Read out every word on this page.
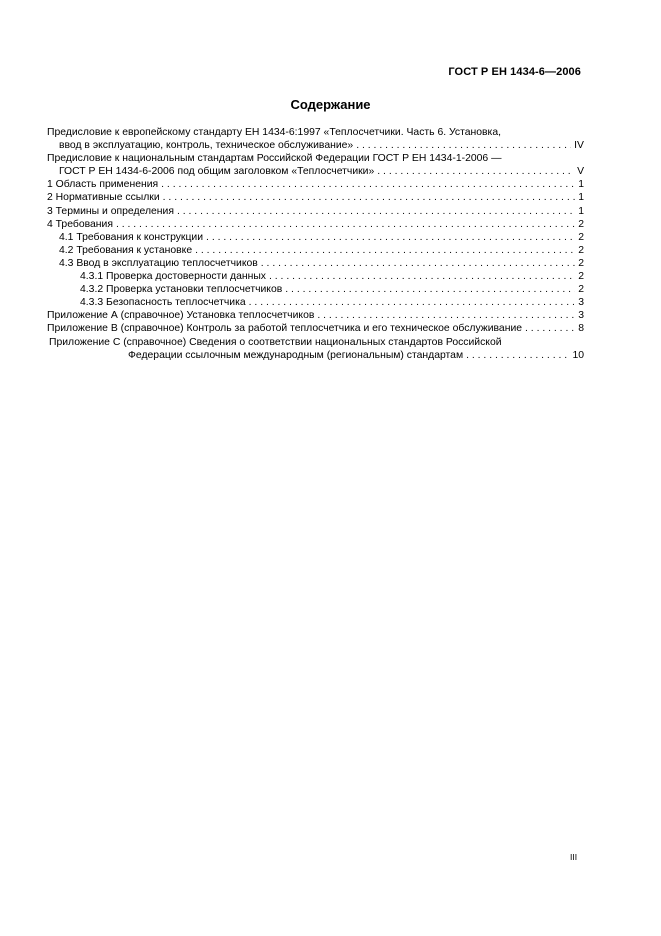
ГОСТ Р ЕН 1434-6—2006
Содержание
Предисловие к европейскому стандарту ЕН 1434-6:1997 «Теплосчетчики. Часть 6. Установка,
ввод в эксплуатацию, контроль, техническое обслуживание» . . .	IV
Предисловие к национальным стандартам Российской Федерации ГОСТ Р ЕН 1434-1-2006 —
ГОСТ Р ЕН 1434-6-2006 под общим заголовком «Теплосчетчики» . . .	V
1 Область применения . . .	1
2 Нормативные ссылки . . .	1
3 Термины и определения . . .	1
4 Требования . . .	2
4.1 Требования к конструкции . . .	2
4.2 Требования к установке . . .	2
4.3 Ввод в эксплуатацию теплосчетчиков . . .	2
4.3.1 Проверка достоверности данных . . .	2
4.3.2 Проверка установки теплосчетчиков . . .	2
4.3.3 Безопасность теплосчетчика . . .	3
Приложение А (справочное) Установка теплосчетчиков . . .	3
Приложение В (справочное) Контроль за работой теплосчетчика и его техническое обслуживание . . .	8
Приложение С (справочное) Сведения о соответствии национальных стандартов Российской
Федерации ссылочным международным (региональным) стандартам . . .	10
III
